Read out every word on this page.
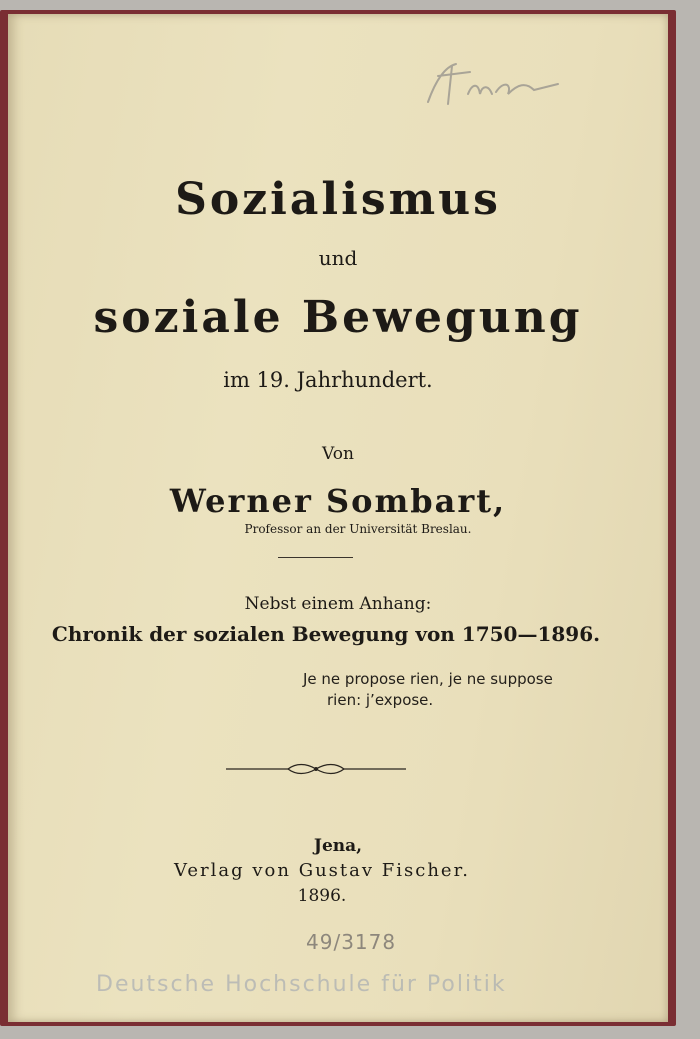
Sozialismus
und
soziale Bewegung
im 19. Jahrhundert.
Von
Werner Sombart,
Professor an der Universität Breslau.
Nebst einem Anhang:
Chronik der sozialen Bewegung von 1750—1896.
Je ne propose rien, je ne suppose
rien: j’expose.
Jena,
Verlag von Gustav Fischer.
1896.
49/3178
Deutsche Hochschule für Politik
